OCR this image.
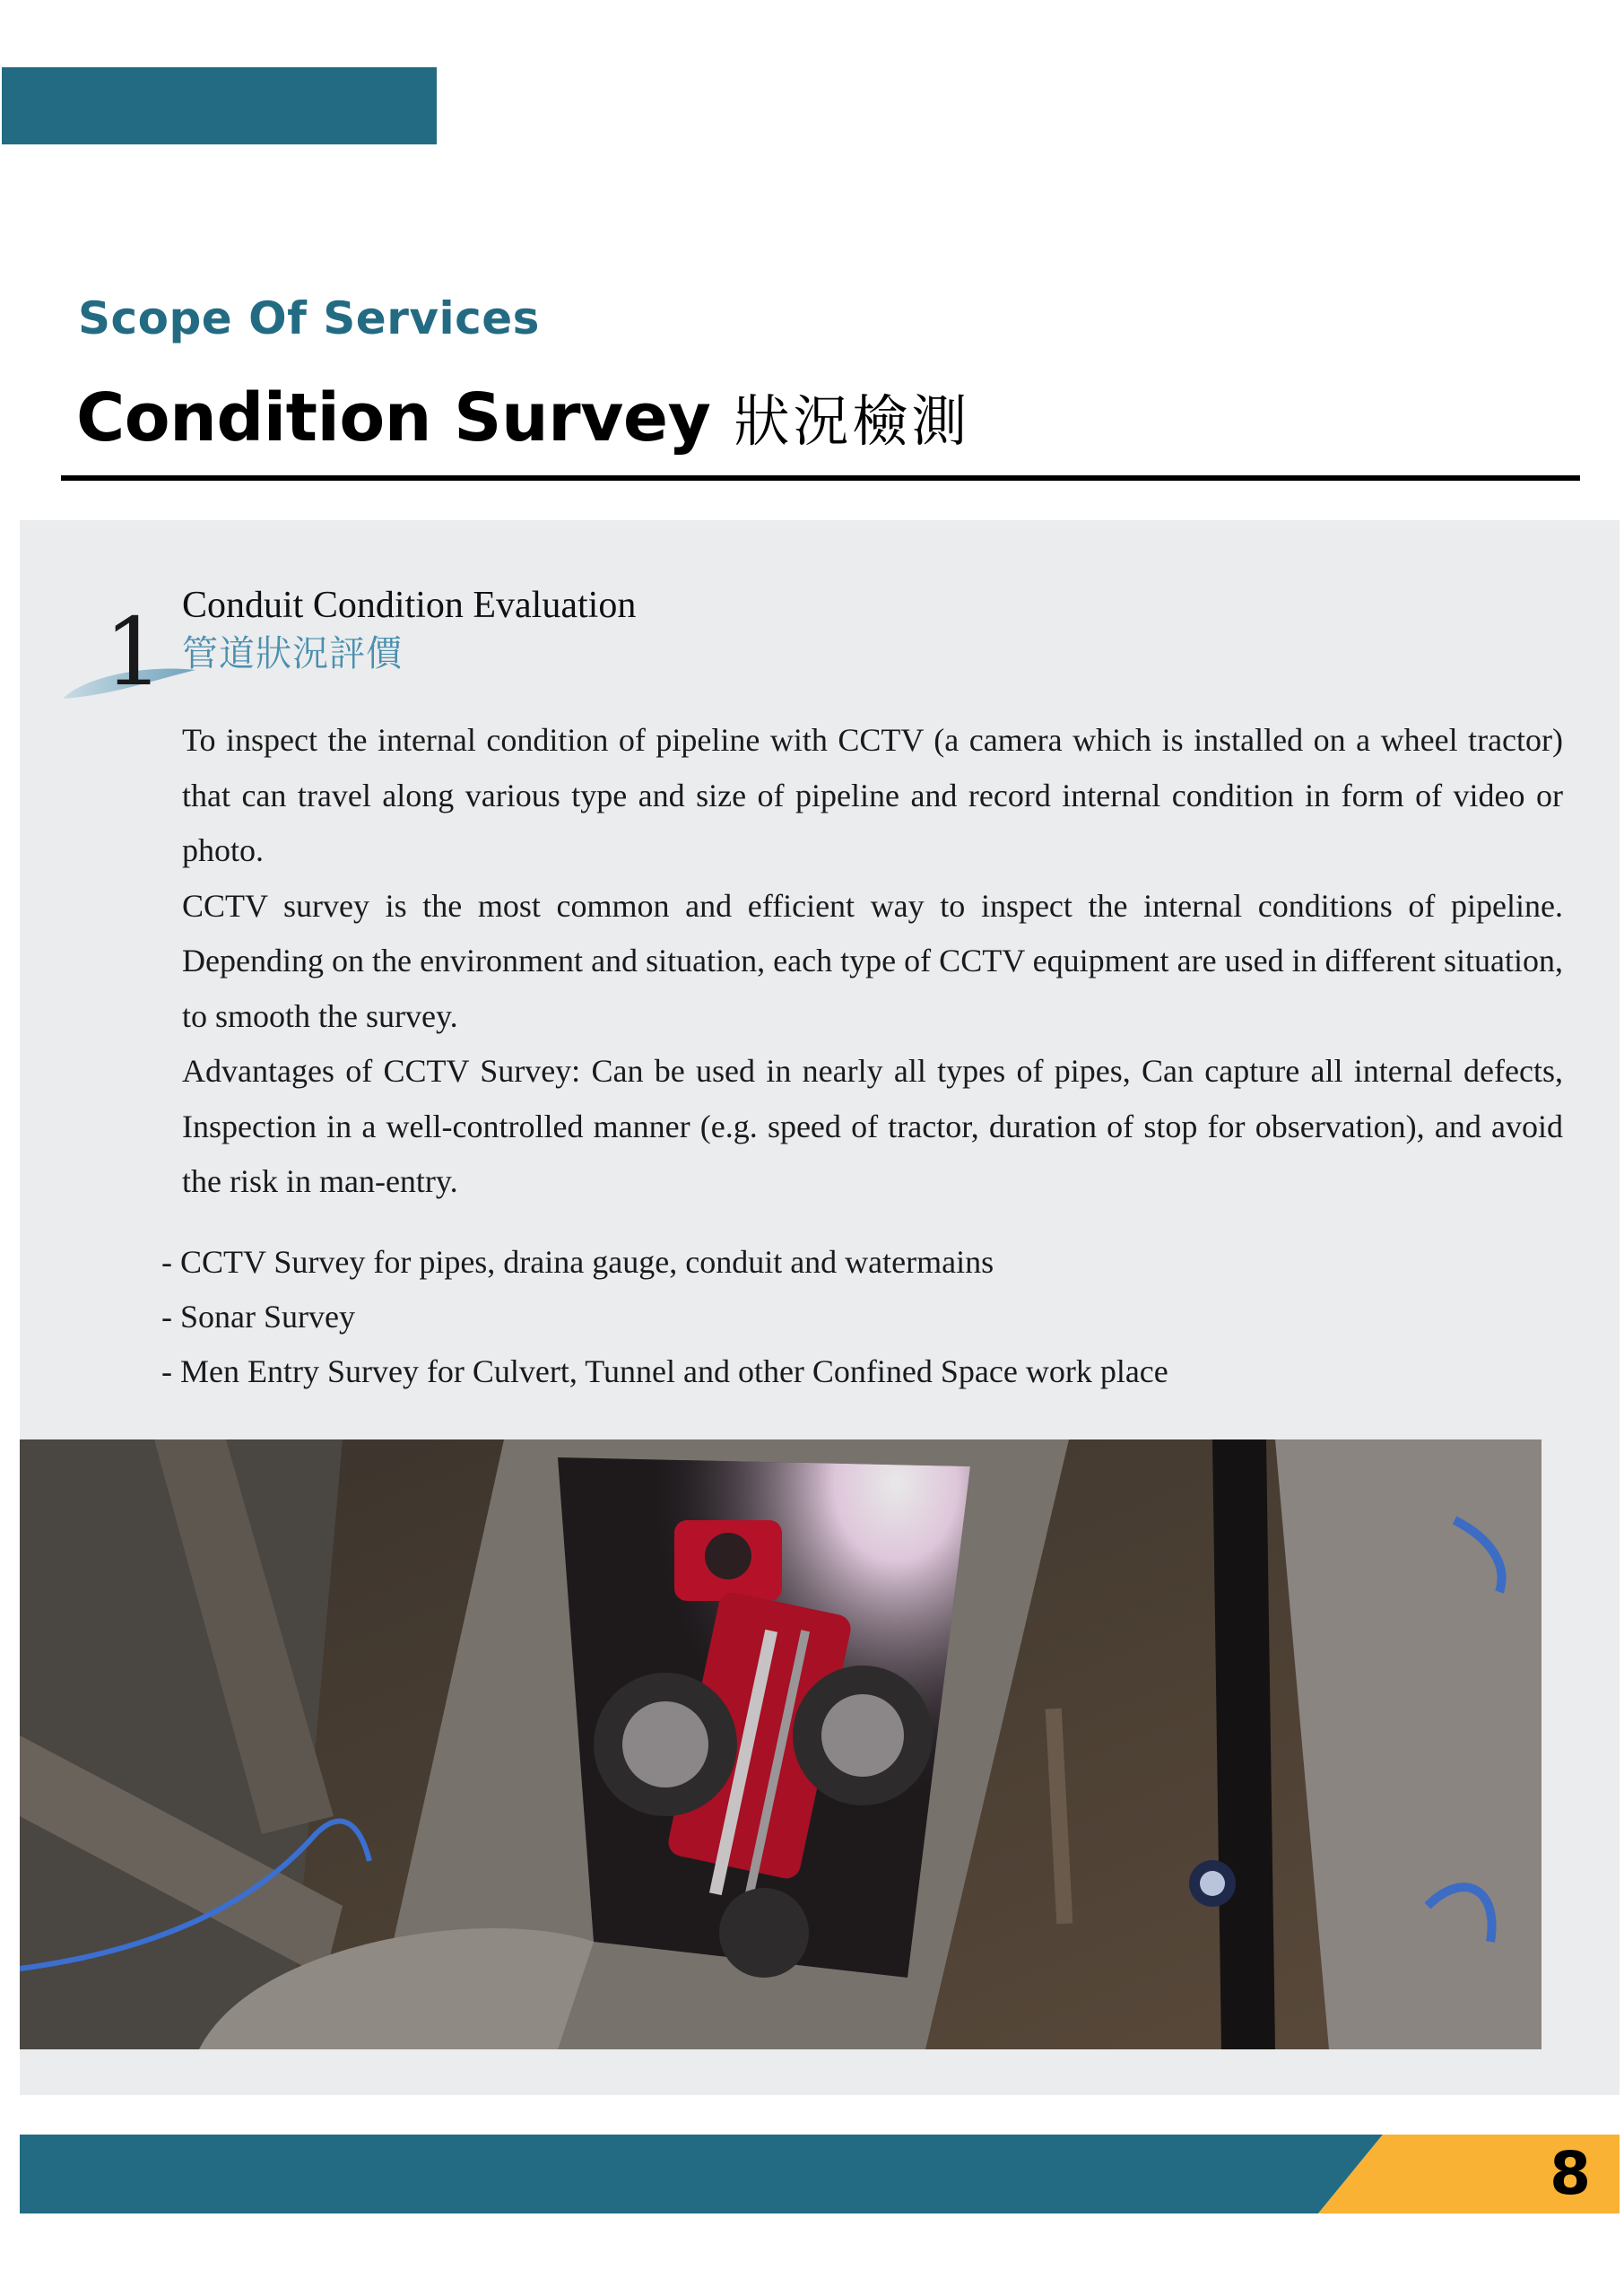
Scope Of Services
Condition Survey 狀況檢測
1 Conduit Condition Evaluation
管道狀況評價

To inspect the internal condition of pipeline with CCTV (a camera which is installed on a wheel tractor) that can travel along various type and size of pipeline and record internal condition in form of video or photo.

CCTV survey is the most common and efficient way to inspect the internal conditions of pipeline. Depending on the environment and situation, each type of CCTV equipment are used in different situation, to smooth the survey.

Advantages of CCTV Survey: Can be used in nearly all types of pipes, Can capture all internal defects, Inspection in a well-controlled manner (e.g. speed of tractor, duration of stop for observation), and avoid the risk in man-entry.

- CCTV Survey for pipes, draina gauge, conduit and watermains
- Sonar Survey
- Men Entry Survey for Culvert, Tunnel and other Confined Space work place
8
